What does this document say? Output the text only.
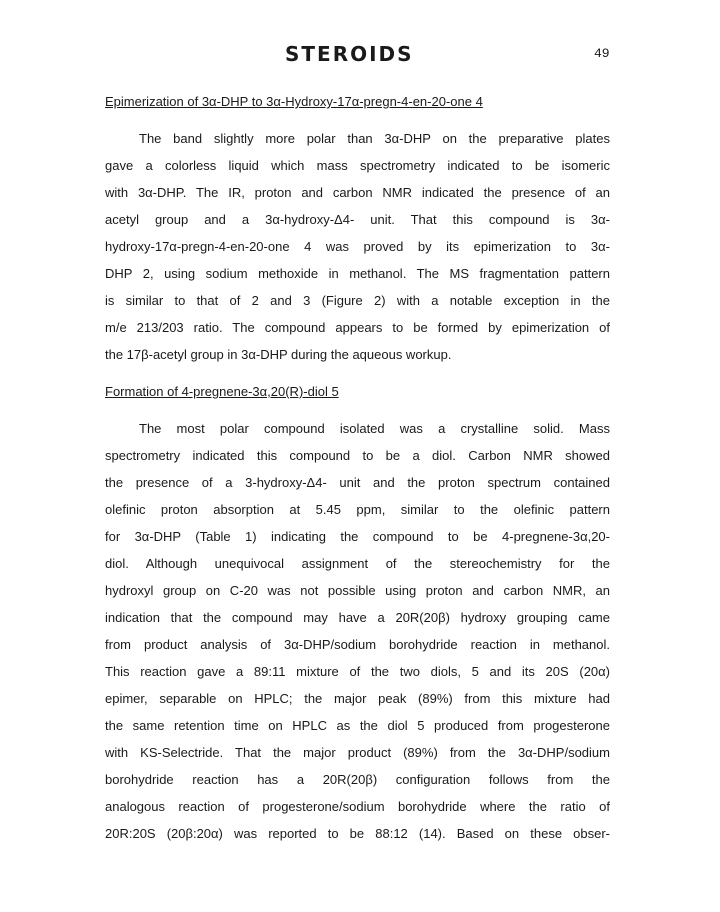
STEROIDS	49
Epimerization of 3α-DHP to 3α-Hydroxy-17α-pregn-4-en-20-one 4
The band slightly more polar than 3α-DHP on the preparative plates
gave a colorless liquid which mass spectrometry indicated to be isomeric
with 3α-DHP. The IR, proton and carbon NMR indicated the presence of an
acetyl group and a 3α-hydroxy-Δ4- unit. That this compound is 3α-
hydroxy-17α-pregn-4-en-20-one 4 was proved by its epimerization to 3α-
DHP 2, using sodium methoxide in methanol. The MS fragmentation pattern
is similar to that of 2 and 3 (Figure 2) with a notable exception in the
m/e 213/203 ratio. The compound appears to be formed by epimerization of
the 17β-acetyl group in 3α-DHP during the aqueous workup.
Formation of 4-pregnene-3α,20(R)-diol 5
The most polar compound isolated was a crystalline solid. Mass
spectrometry indicated this compound to be a diol. Carbon NMR showed
the presence of a 3-hydroxy-Δ4- unit and the proton spectrum contained
olefinic proton absorption at 5.45 ppm, similar to the olefinic pattern
for 3α-DHP (Table 1) indicating the compound to be 4-pregnene-3α,20-
diol. Although unequivocal assignment of the stereochemistry for the
hydroxyl group on C-20 was not possible using proton and carbon NMR, an
indication that the compound may have a 20R(20β) hydroxy grouping came
from product analysis of 3α-DHP/sodium borohydride reaction in methanol.
This reaction gave a 89:11 mixture of the two diols, 5 and its 20S (20α)
epimer, separable on HPLC; the major peak (89%) from this mixture had
the same retention time on HPLC as the diol 5 produced from progesterone
with KS-Selectride. That the major product (89%) from the 3α-DHP/sodium
borohydride reaction has a 20R(20β) configuration follows from the
analogous reaction of progesterone/sodium borohydride where the ratio of
20R:20S (20β:20α) was reported to be 88:12 (14). Based on these obser-
